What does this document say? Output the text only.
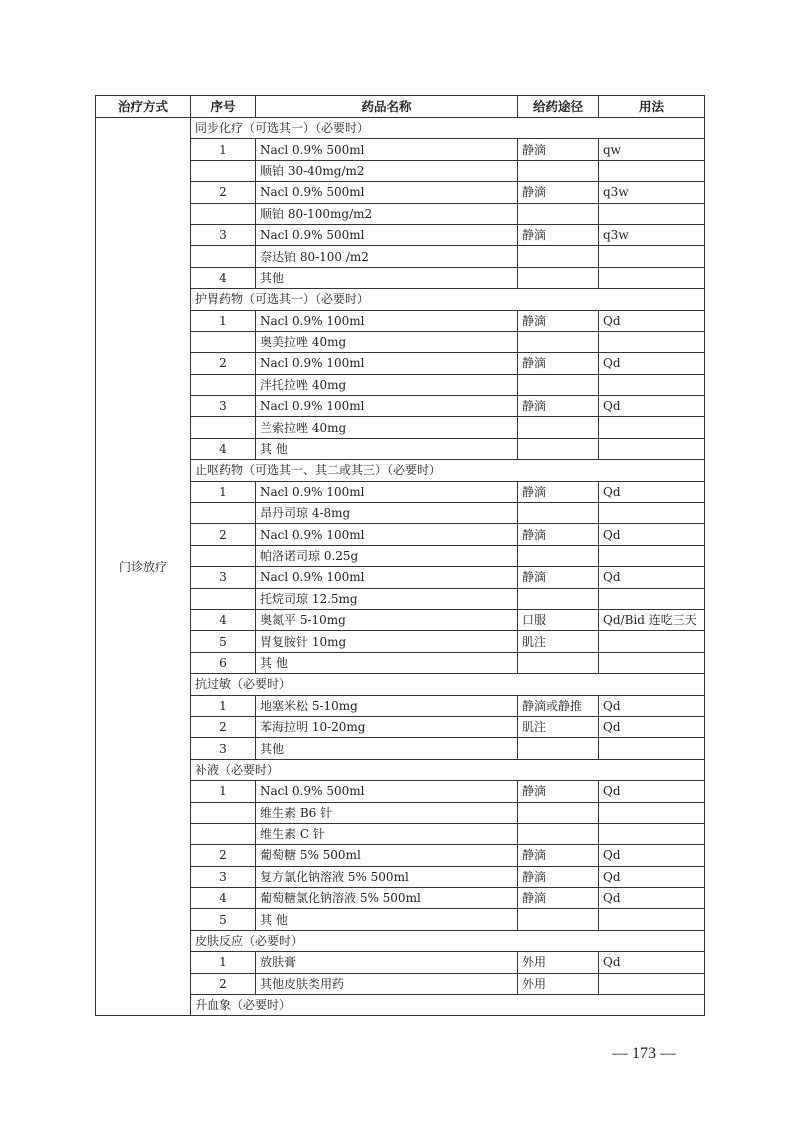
治疗方式	序号	药品名称	给药途径	用法
门诊放疗	同步化疗（可选其一）（必要时）			
	1	Nacl 0.9% 500ml	静滴	qw
		顺铂 30-40mg/m2		
	2	Nacl 0.9% 500ml	静滴	q3w
		顺铂 80-100mg/m2		
	3	Nacl 0.9% 500ml	静滴	q3w
		奈达铂 80-100 /m2		
	4	其他		
	护胃药物（可选其一）（必要时）			
	1	Nacl 0.9% 100ml	静滴	Qd
		奥美拉唑 40mg		
	2	Nacl 0.9% 100ml	静滴	Qd
		泮托拉唑 40mg		
	3	Nacl 0.9% 100ml	静滴	Qd
		兰索拉唑 40mg		
	4	其 他		
	止呕药物（可选其一、其二或其三）（必要时）			
	1	Nacl 0.9% 100ml	静滴	Qd
		昂丹司琼 4-8mg		
	2	Nacl 0.9% 100ml	静滴	Qd
		帕洛诺司琼 0.25g		
	3	Nacl 0.9% 100ml	静滴	Qd
		托烷司琼 12.5mg		
	4	奥氮平 5-10mg	口服	Qd/Bid 连吃三天
	5	胃复胺针 10mg	肌注	
	6	其 他		
	抗过敏（必要时）			
	1	地塞米松 5-10mg	静滴或静推	Qd
	2	苯海拉明 10-20mg	肌注	Qd
	3	其他		
	补液（必要时）			
	1	Nacl 0.9% 500ml	静滴	Qd
		维生素 B6 针		
		维生素 C 针		
	2	葡萄糖 5% 500ml	静滴	Qd
	3	复方氯化钠溶液 5% 500ml	静滴	Qd
	4	葡萄糖氯化钠溶液 5% 500ml	静滴	Qd
	5	其 他		
	皮肤反应（必要时）			
	1	放肤膏	外用	Qd
	2	其他皮肤类用药	外用	
	升血象（必要时）			
— 173 —
